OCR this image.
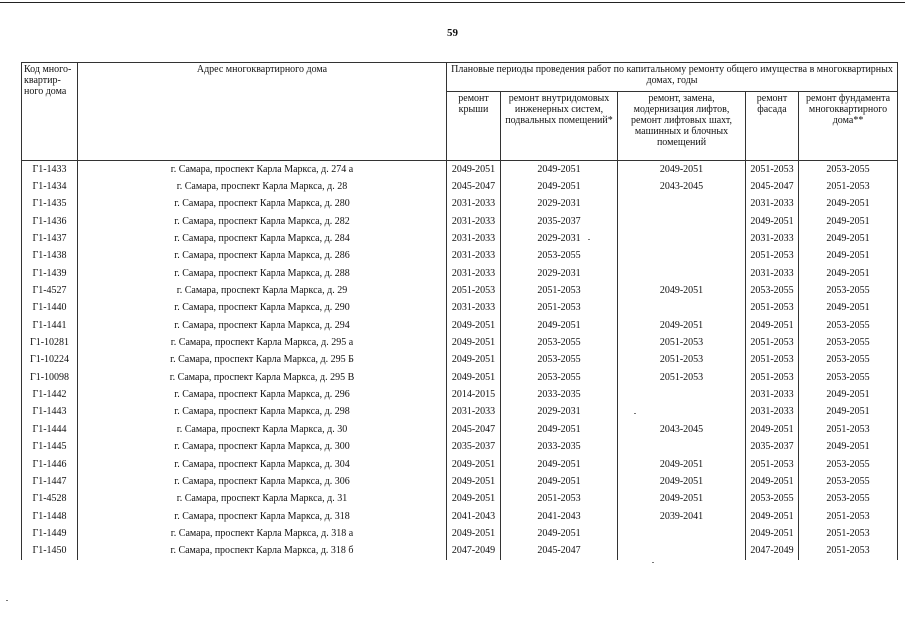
59
Код много-квартир-ного дома	Адрес многоквартирного дома	Плановые периоды проведения работ по капитальному ремонту общего имущества в многоквартирных домах, годы				
		ремонт крыши	ремонт внутридомовых инженерных систем, подвальных помещений*	ремонт, замена, модернизация лифтов, ремонт лифтовых шахт, машинных и блочных помещений	ремонт фасада	ремонт фундамента многоквартирного дома**
Г1-1433	г. Самара, проспект Карла Маркса, д. 274 а	2049-2051	2049-2051	2049-2051	2051-2053	2053-2055
Г1-1434	г. Самара, проспект Карла Маркса, д. 28	2045-2047	2049-2051	2043-2045	2045-2047	2051-2053
Г1-1435	г. Самара, проспект Карла Маркса, д. 280	2031-2033	2029-2031		2031-2033	2049-2051
Г1-1436	г. Самара, проспект Карла Маркса, д. 282	2031-2033	2035-2037		2049-2051	2049-2051
Г1-1437	г. Самара, проспект Карла Маркса, д. 284	2031-2033	2029-2031		2031-2033	2049-2051
Г1-1438	г. Самара, проспект Карла Маркса, д. 286	2031-2033	2053-2055		2051-2053	2049-2051
Г1-1439	г. Самара, проспект Карла Маркса, д. 288	2031-2033	2029-2031		2031-2033	2049-2051
Г1-4527	г. Самара, проспект Карла Маркса, д. 29	2051-2053	2051-2053	2049-2051	2053-2055	2053-2055
Г1-1440	г. Самара, проспект Карла Маркса, д. 290	2031-2033	2051-2053		2051-2053	2049-2051
Г1-1441	г. Самара, проспект Карла Маркса, д. 294	2049-2051	2049-2051	2049-2051	2049-2051	2053-2055
Г1-10281	г. Самара, проспект Карла Маркса, д. 295 а	2049-2051	2053-2055	2051-2053	2051-2053	2053-2055
Г1-10224	г. Самара, проспект Карла Маркса, д. 295 Б	2049-2051	2053-2055	2051-2053	2051-2053	2053-2055
Г1-10098	г. Самара, проспект Карла Маркса, д. 295 В	2049-2051	2053-2055	2051-2053	2051-2053	2053-2055
Г1-1442	г. Самара, проспект Карла Маркса, д. 296	2014-2015	2033-2035		2031-2033	2049-2051
Г1-1443	г. Самара, проспект Карла Маркса, д. 298	2031-2033	2029-2031		2031-2033	2049-2051
Г1-1444	г. Самара, проспект Карла Маркса, д. 30	2045-2047	2049-2051	2043-2045	2049-2051	2051-2053
Г1-1445	г. Самара, проспект Карла Маркса, д. 300	2035-2037	2033-2035		2035-2037	2049-2051
Г1-1446	г. Самара, проспект Карла Маркса, д. 304	2049-2051	2049-2051	2049-2051	2051-2053	2053-2055
Г1-1447	г. Самара, проспект Карла Маркса, д. 306	2049-2051	2049-2051	2049-2051	2049-2051	2053-2055
Г1-4528	г. Самара, проспект Карла Маркса, д. 31	2049-2051	2051-2053	2049-2051	2053-2055	2053-2055
Г1-1448	г. Самара, проспект Карла Маркса, д. 318	2041-2043	2041-2043	2039-2041	2049-2051	2051-2053
Г1-1449	г. Самара, проспект Карла Маркса, д. 318 а	2049-2051	2049-2051		2049-2051	2051-2053
Г1-1450	г. Самара, проспект Карла Маркса, д. 318 б	2047-2049	2045-2047		2047-2049	2051-2053
